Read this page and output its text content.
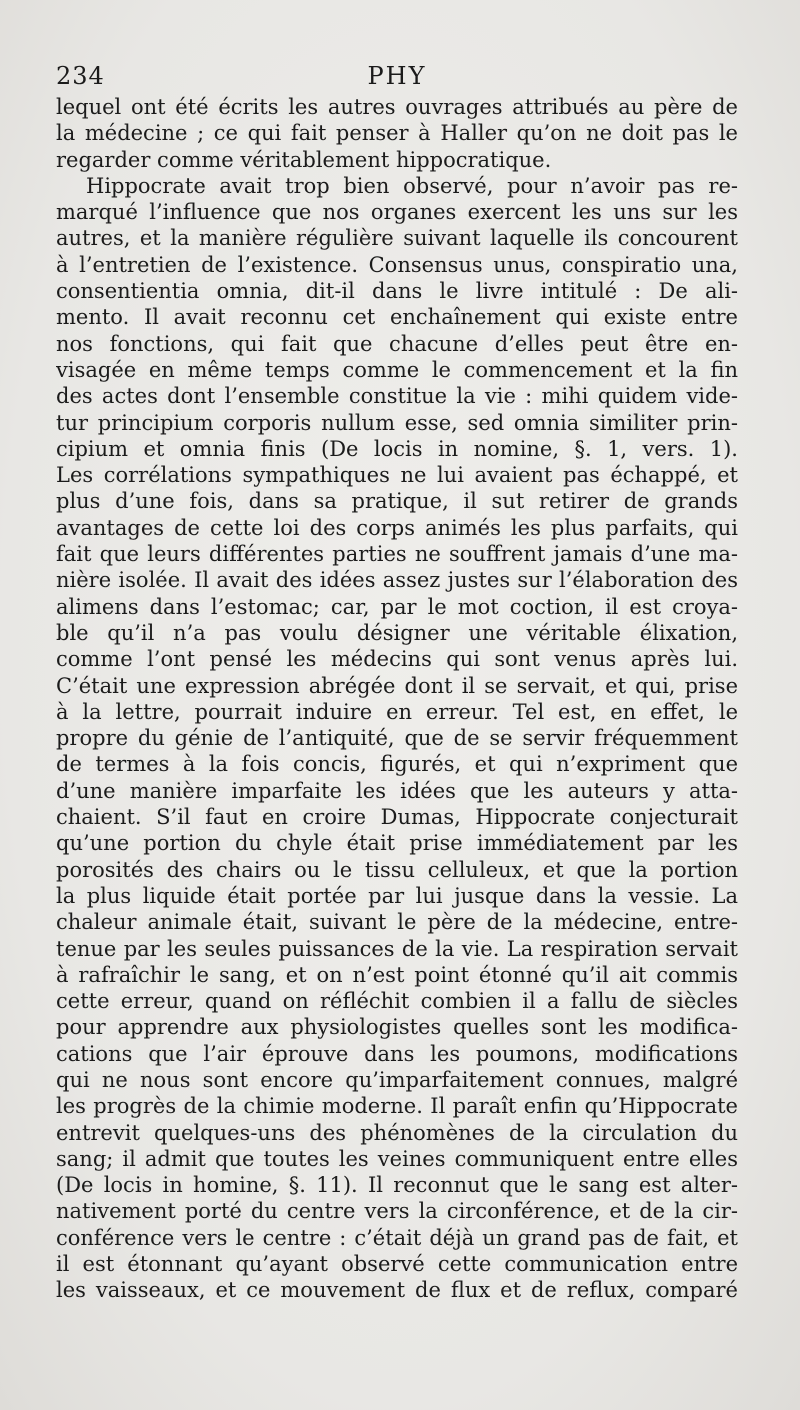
234	PHY
lequel ont été écrits les autres ouvrages attribués au père de
la médecine ; ce qui fait penser à Haller qu’on ne doit pas le
regarder comme véritablement hippocratique.
Hippocrate avait trop bien observé, pour n’avoir pas re-
marqué l’influence que nos organes exercent les uns sur les
autres, et la manière régulière suivant laquelle ils concourent
à l’entretien de l’existence. Consensus unus, conspiratio una,
consentientia omnia, dit-il dans le livre intitulé : De ali-
mento. Il avait reconnu cet enchaînement qui existe entre
nos fonctions, qui fait que chacune d’elles peut être en-
visagée en même temps comme le commencement et la fin
des actes dont l’ensemble constitue la vie : mihi quidem vide-
tur principium corporis nullum esse, sed omnia similiter prin-
cipium et omnia finis (De locis in nomine, §. 1, vers. 1).
Les corrélations sympathiques ne lui avaient pas échappé, et
plus d’une fois, dans sa pratique, il sut retirer de grands
avantages de cette loi des corps animés les plus parfaits, qui
fait que leurs différentes parties ne souffrent jamais d’une ma-
nière isolée. Il avait des idées assez justes sur l’élaboration des
alimens dans l’estomac; car, par le mot coction, il est croya-
ble qu’il n’a pas voulu désigner une véritable élixation,
comme l’ont pensé les médecins qui sont venus après lui.
C’était une expression abrégée dont il se servait, et qui, prise
à la lettre, pourrait induire en erreur. Tel est, en effet, le
propre du génie de l’antiquité, que de se servir fréquemment
de termes à la fois concis, figurés, et qui n’expriment que
d’une manière imparfaite les idées que les auteurs y atta-
chaient. S’il faut en croire Dumas, Hippocrate conjecturait
qu’une portion du chyle était prise immédiatement par les
porosités des chairs ou le tissu celluleux, et que la portion
la plus liquide était portée par lui jusque dans la vessie. La
chaleur animale était, suivant le père de la médecine, entre-
tenue par les seules puissances de la vie. La respiration servait
à rafraîchir le sang, et on n’est point étonné qu’il ait commis
cette erreur, quand on réfléchit combien il a fallu de siècles
pour apprendre aux physiologistes quelles sont les modifica-
cations que l’air éprouve dans les poumons, modifications
qui ne nous sont encore qu’imparfaitement connues, malgré
les progrès de la chimie moderne. Il paraît enfin qu’Hippocrate
entrevit quelques-uns des phénomènes de la circulation du
sang; il admit que toutes les veines communiquent entre elles
(De locis in homine, §. 11). Il reconnut que le sang est alter-
nativement porté du centre vers la circonférence, et de la cir-
conférence vers le centre : c’était déjà un grand pas de fait, et
il est étonnant qu’ayant observé cette communication entre
les vaisseaux, et ce mouvement de flux et de reflux, comparé
